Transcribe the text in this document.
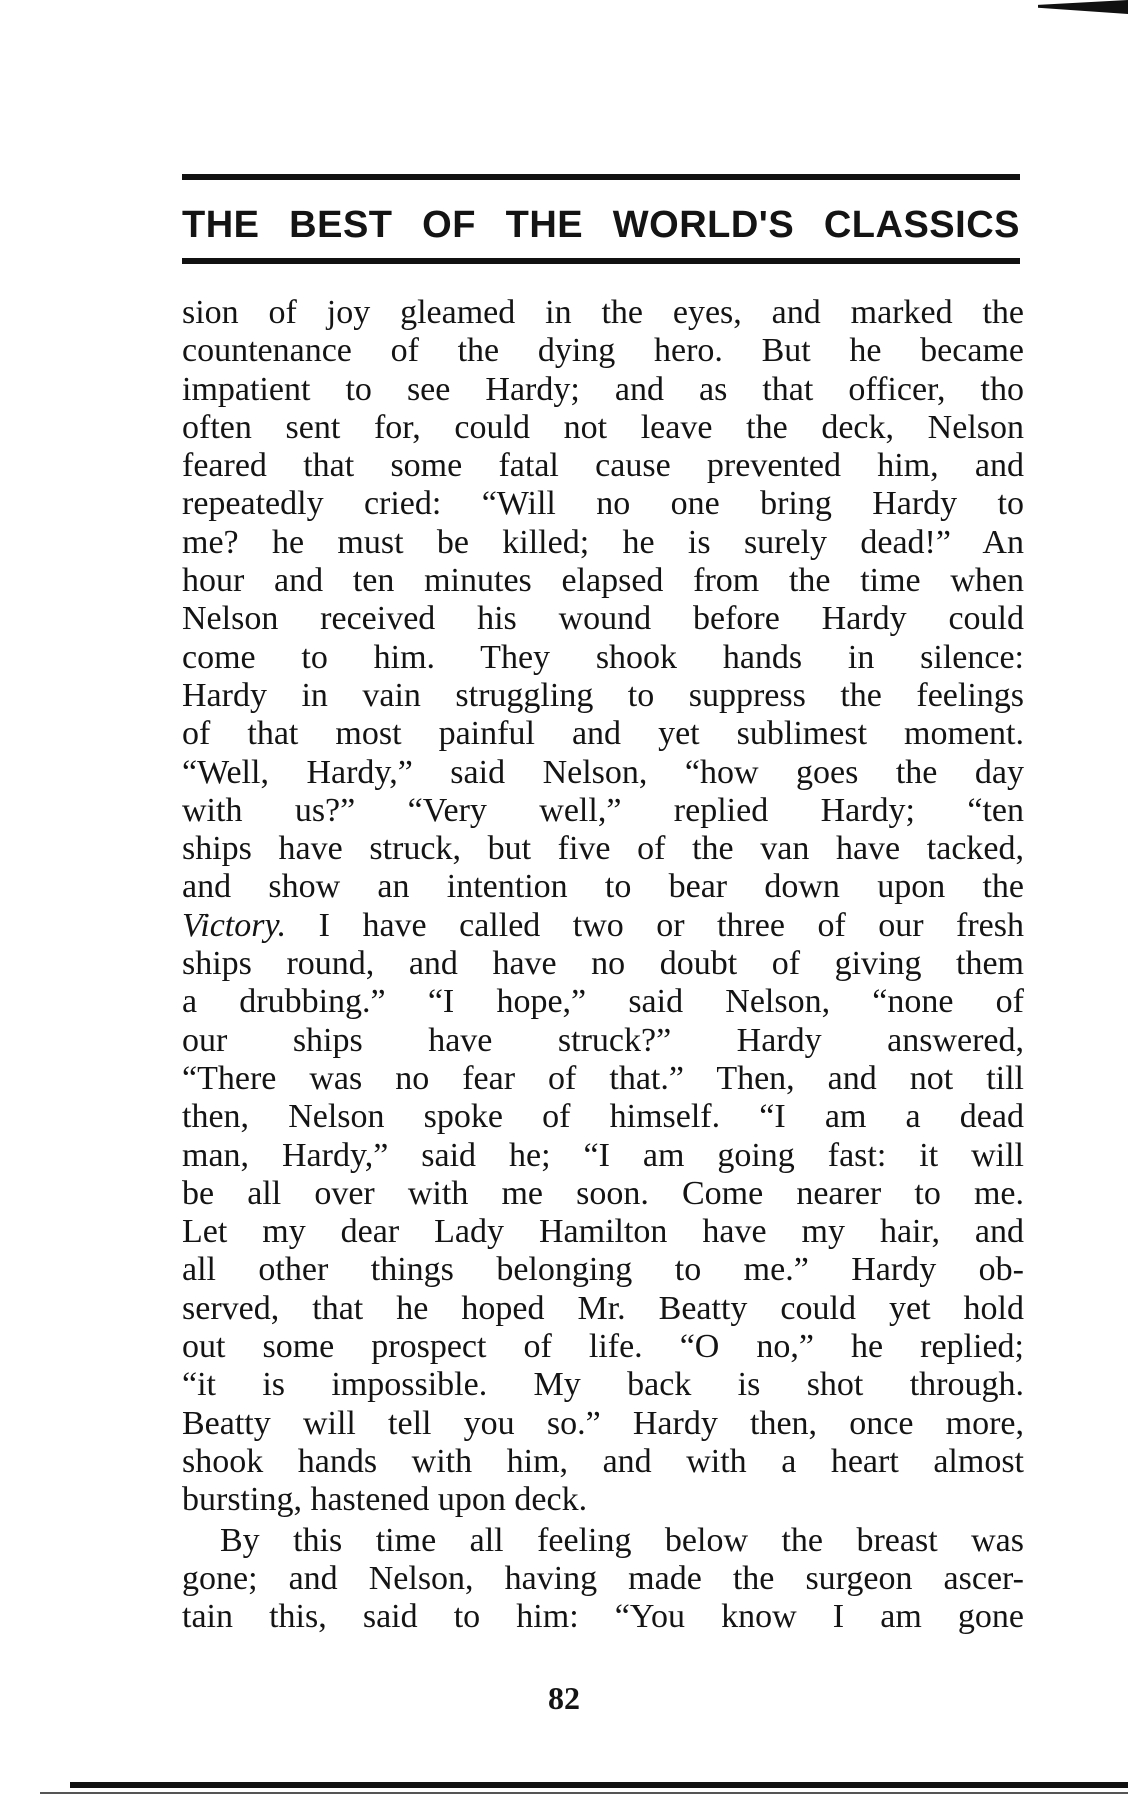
THE BEST OF THE WORLD'S CLASSICS
sion of joy gleamed in the eyes, and marked the
countenance of the dying hero. But he became
impatient to see Hardy; and as that officer, tho
often sent for, could not leave the deck, Nelson
feared that some fatal cause prevented him, and
repeatedly cried: “Will no one bring Hardy to
me? he must be killed; he is surely dead!” An
hour and ten minutes elapsed from the time when
Nelson received his wound before Hardy could
come to him. They shook hands in silence:
Hardy in vain struggling to suppress the feelings
of that most painful and yet sublimest moment.
“Well, Hardy,” said Nelson, “how goes the day
with us?” “Very well,” replied Hardy; “ten
ships have struck, but five of the van have tacked,
and show an intention to bear down upon the
Victory. I have called two or three of our fresh
ships round, and have no doubt of giving them
a drubbing.” “I hope,” said Nelson, “none of
our ships have struck?” Hardy answered,
“There was no fear of that.” Then, and not till
then, Nelson spoke of himself. “I am a dead
man, Hardy,” said he; “I am going fast: it will
be all over with me soon. Come nearer to me.
Let my dear Lady Hamilton have my hair, and
all other things belonging to me.” Hardy ob-
served, that he hoped Mr. Beatty could yet hold
out some prospect of life. “O no,” he replied;
“it is impossible. My back is shot through.
Beatty will tell you so.” Hardy then, once more,
shook hands with him, and with a heart almost
bursting, hastened upon deck.
By this time all feeling below the breast was
gone; and Nelson, having made the surgeon ascer-
tain this, said to him: “You know I am gone
82
